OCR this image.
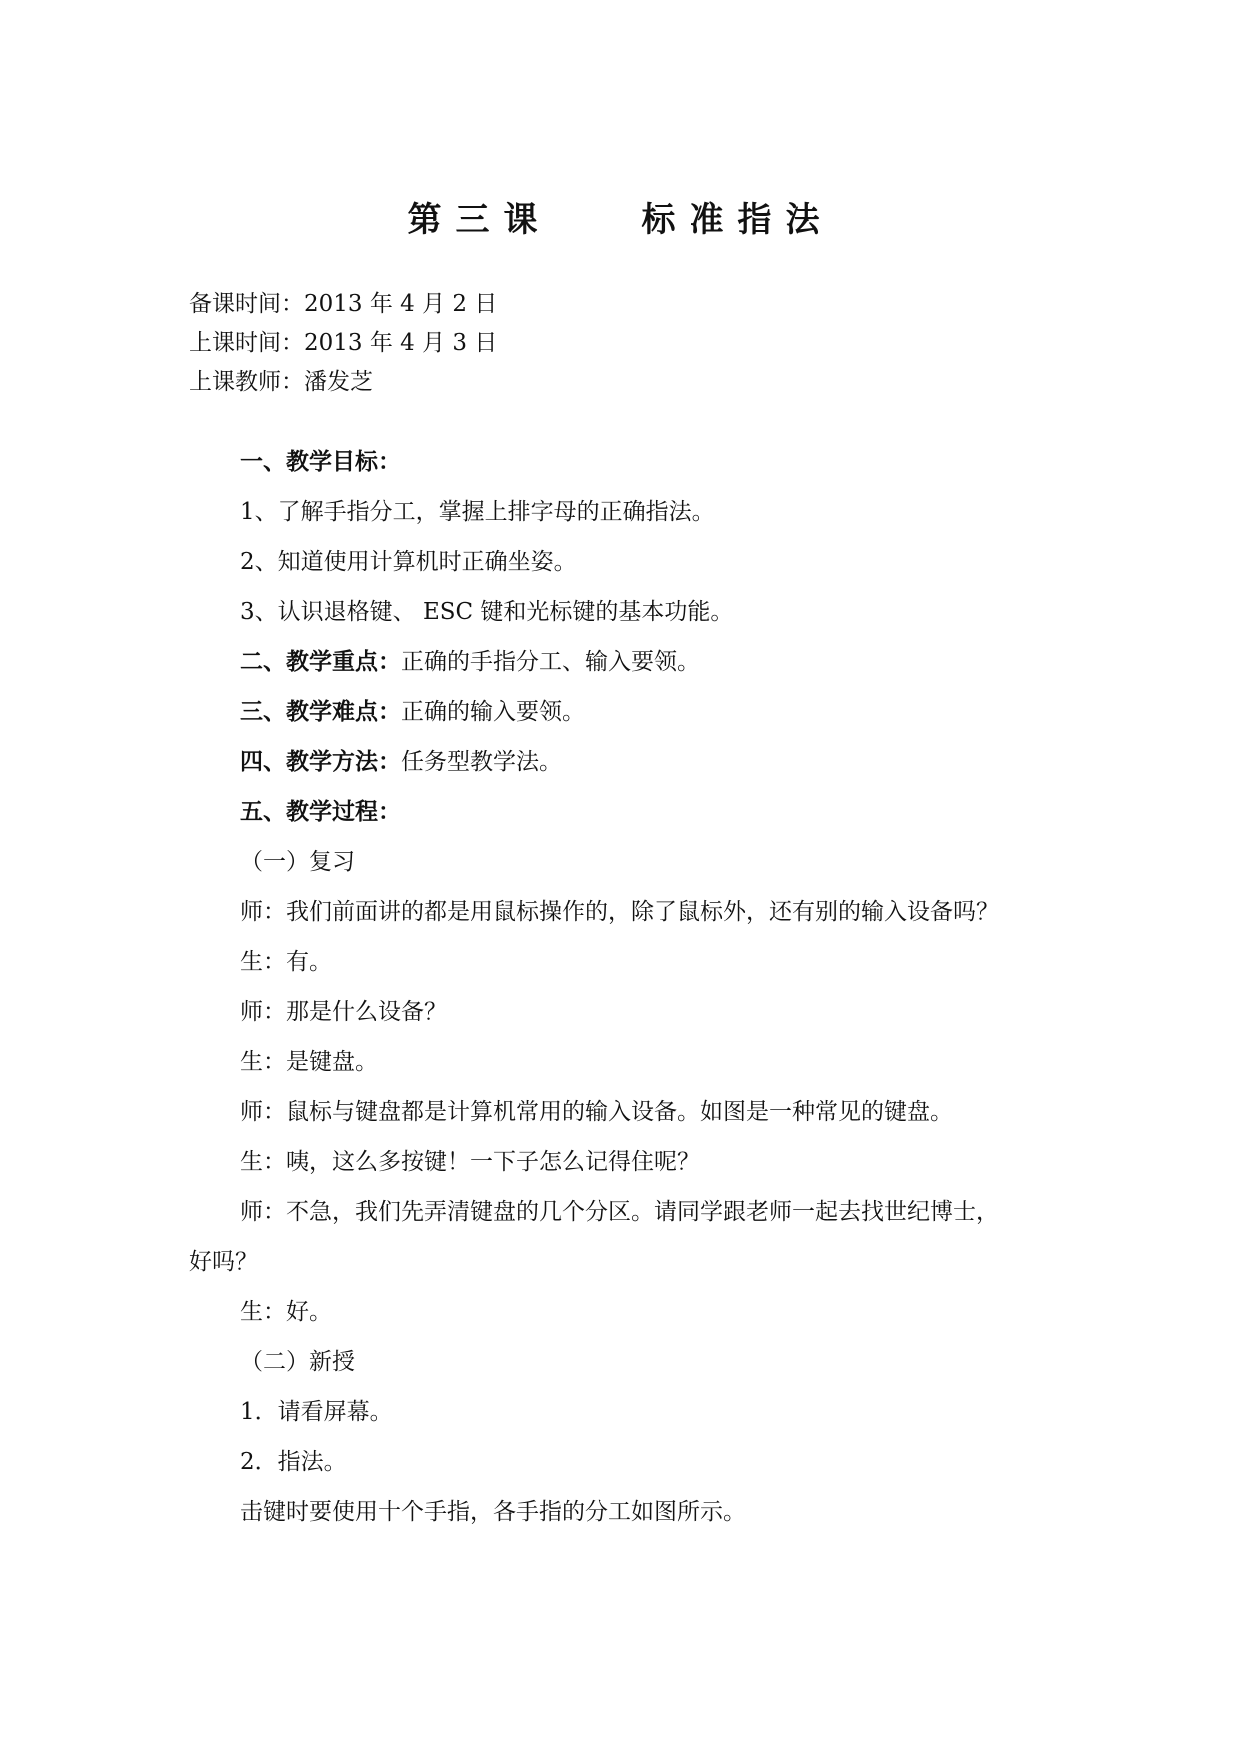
第三课	标准指法
备课时间：2013 年 4 月 2 日
上课时间：2013 年 4 月 3 日
上课教师：潘发芝
一、教学目标：
1、了解手指分工，掌握上排字母的正确指法。
2、知道使用计算机时正确坐姿。
3、认识退格键、 ESC 键和光标键的基本功能。
二、教学重点：正确的手指分工、输入要领。
三、教学难点：正确的输入要领。
四、教学方法：任务型教学法。
五、教学过程：
（一）复习
师：我们前面讲的都是用鼠标操作的，除了鼠标外，还有别的输入设备吗？
生：有。
师：那是什么设备？
生：是键盘。
师：鼠标与键盘都是计算机常用的输入设备。如图是一种常见的键盘。
生：咦，这么多按键！一下子怎么记得住呢？
师：不急，我们先弄清键盘的几个分区。请同学跟老师一起去找世纪博士，
好吗？
生：好。
（二）新授
1．请看屏幕。
2．指法。
击键时要使用十个手指，各手指的分工如图所示。
